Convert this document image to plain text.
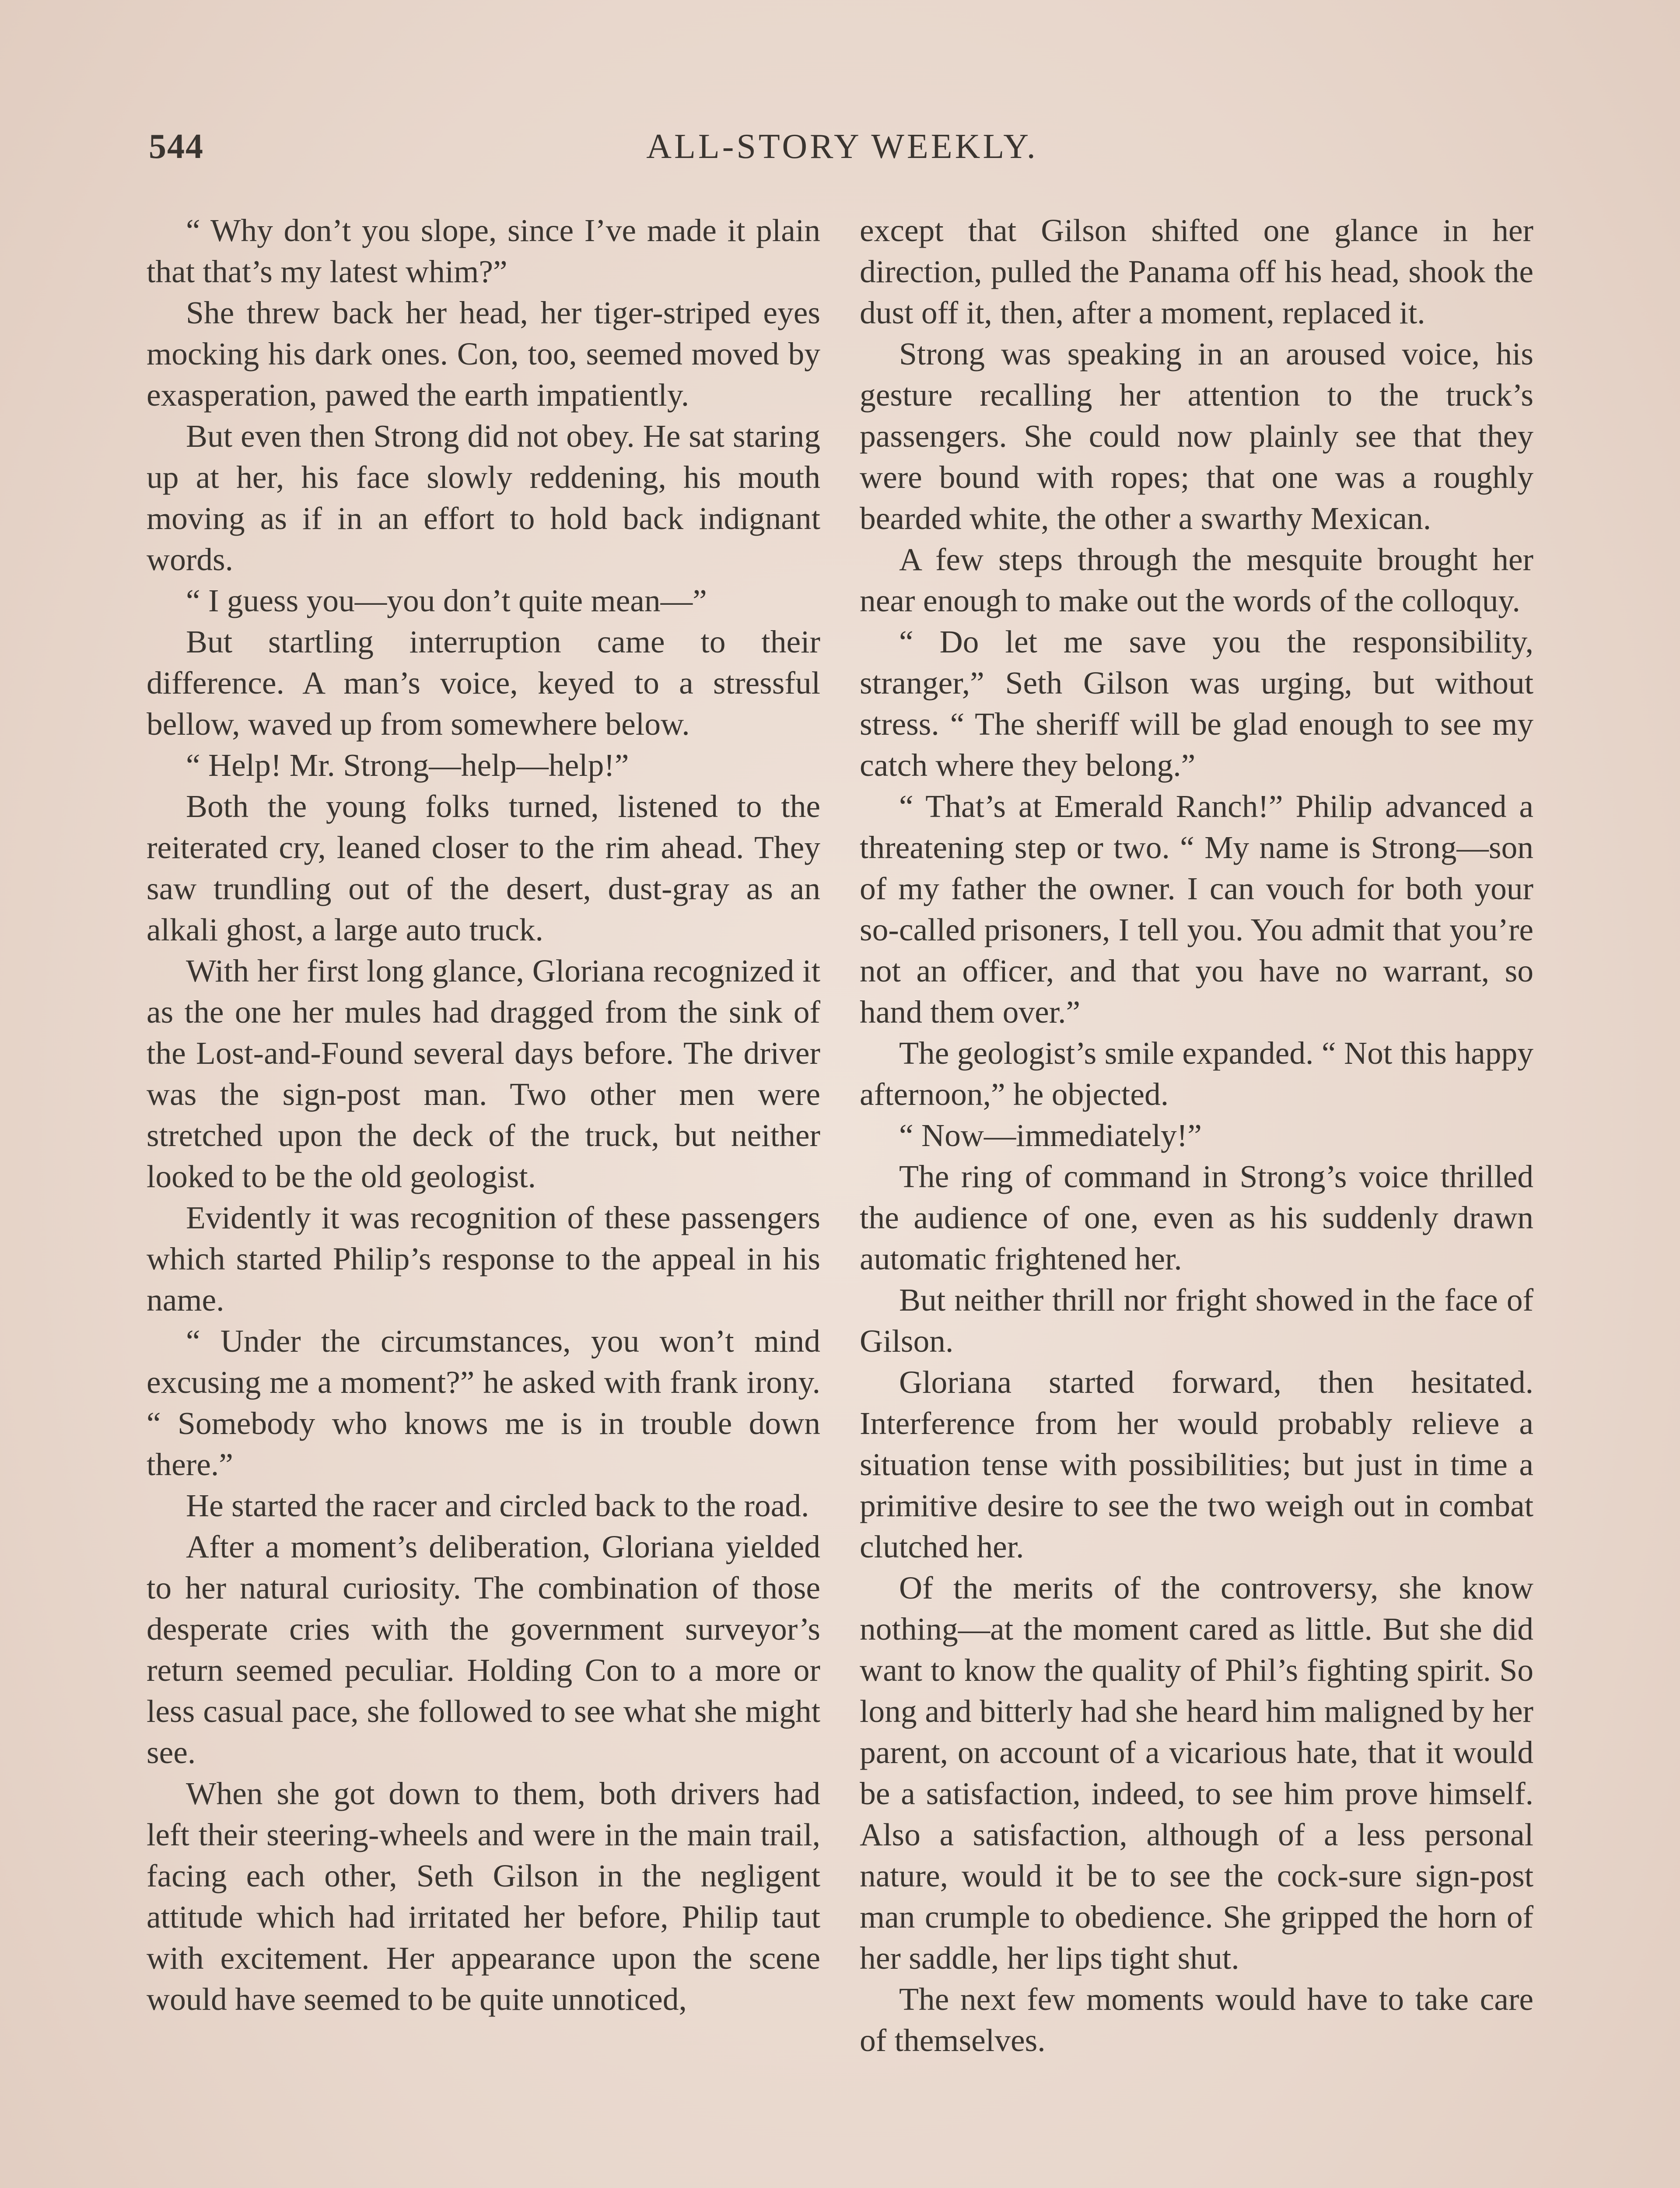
544	ALL-STORY WEEKLY.

“ Why don’t you slope, since I’ve made it plain that that’s my latest whim?”

She threw back her head, her tiger-striped eyes mocking his dark ones. Con, too, seemed moved by exasperation, pawed the earth impatiently.

But even then Strong did not obey. He sat staring up at her, his face slowly reddening, his mouth moving as if in an effort to hold back indignant words.

“ I guess you—you don’t quite mean—”

But startling interruption came to their difference. A man’s voice, keyed to a stressful bellow, waved up from somewhere below.

“ Help! Mr. Strong—help—help!”

Both the young folks turned, listened to the reiterated cry, leaned closer to the rim ahead. They saw trundling out of the desert, dust-gray as an alkali ghost, a large auto truck.

With her first long glance, Gloriana recognized it as the one her mules had dragged from the sink of the Lost-and-Found several days before. The driver was the sign-post man. Two other men were stretched upon the deck of the truck, but neither looked to be the old geologist.

Evidently it was recognition of these passengers which started Philip’s response to the appeal in his name.

“ Under the circumstances, you won’t mind excusing me a moment?” he asked with frank irony. “ Somebody who knows me is in trouble down there.”

He started the racer and circled back to the road.

After a moment’s deliberation, Gloriana yielded to her natural curiosity. The combination of those desperate cries with the government surveyor’s return seemed peculiar. Holding Con to a more or less casual pace, she followed to see what she might see.

When she got down to them, both drivers had left their steering-wheels and were in the main trail, facing each other, Seth Gilson in the negligent attitude which had irritated her before, Philip taut with excitement. Her appearance upon the scene would have seemed to be quite unnoticed,

except that Gilson shifted one glance in her direction, pulled the Panama off his head, shook the dust off it, then, after a moment, replaced it.

Strong was speaking in an aroused voice, his gesture recalling her attention to the truck’s passengers. She could now plainly see that they were bound with ropes; that one was a roughly bearded white, the other a swarthy Mexican.

A few steps through the mesquite brought her near enough to make out the words of the colloquy.

“ Do let me save you the responsibility, stranger,” Seth Gilson was urging, but without stress. “ The sheriff will be glad enough to see my catch where they belong.”

“ That’s at Emerald Ranch!” Philip advanced a threatening step or two. “ My name is Strong—son of my father the owner. I can vouch for both your so-called prisoners, I tell you. You admit that you’re not an officer, and that you have no warrant, so hand them over.”

The geologist’s smile expanded. “ Not this happy afternoon,” he objected.

“ Now—immediately!”

The ring of command in Strong’s voice thrilled the audience of one, even as his suddenly drawn automatic frightened her.

But neither thrill nor fright showed in the face of Gilson.

Gloriana started forward, then hesitated. Interference from her would probably relieve a situation tense with possibilities; but just in time a primitive desire to see the two weigh out in combat clutched her.

Of the merits of the controversy, she know nothing—at the moment cared as little. But she did want to know the quality of Phil’s fighting spirit. So long and bitterly had she heard him maligned by her parent, on account of a vicarious hate, that it would be a satisfaction, indeed, to see him prove himself. Also a satisfaction, although of a less personal nature, would it be to see the cock-sure sign-post man crumple to obedience. She gripped the horn of her saddle, her lips tight shut.

The next few moments would have to take care of themselves.
